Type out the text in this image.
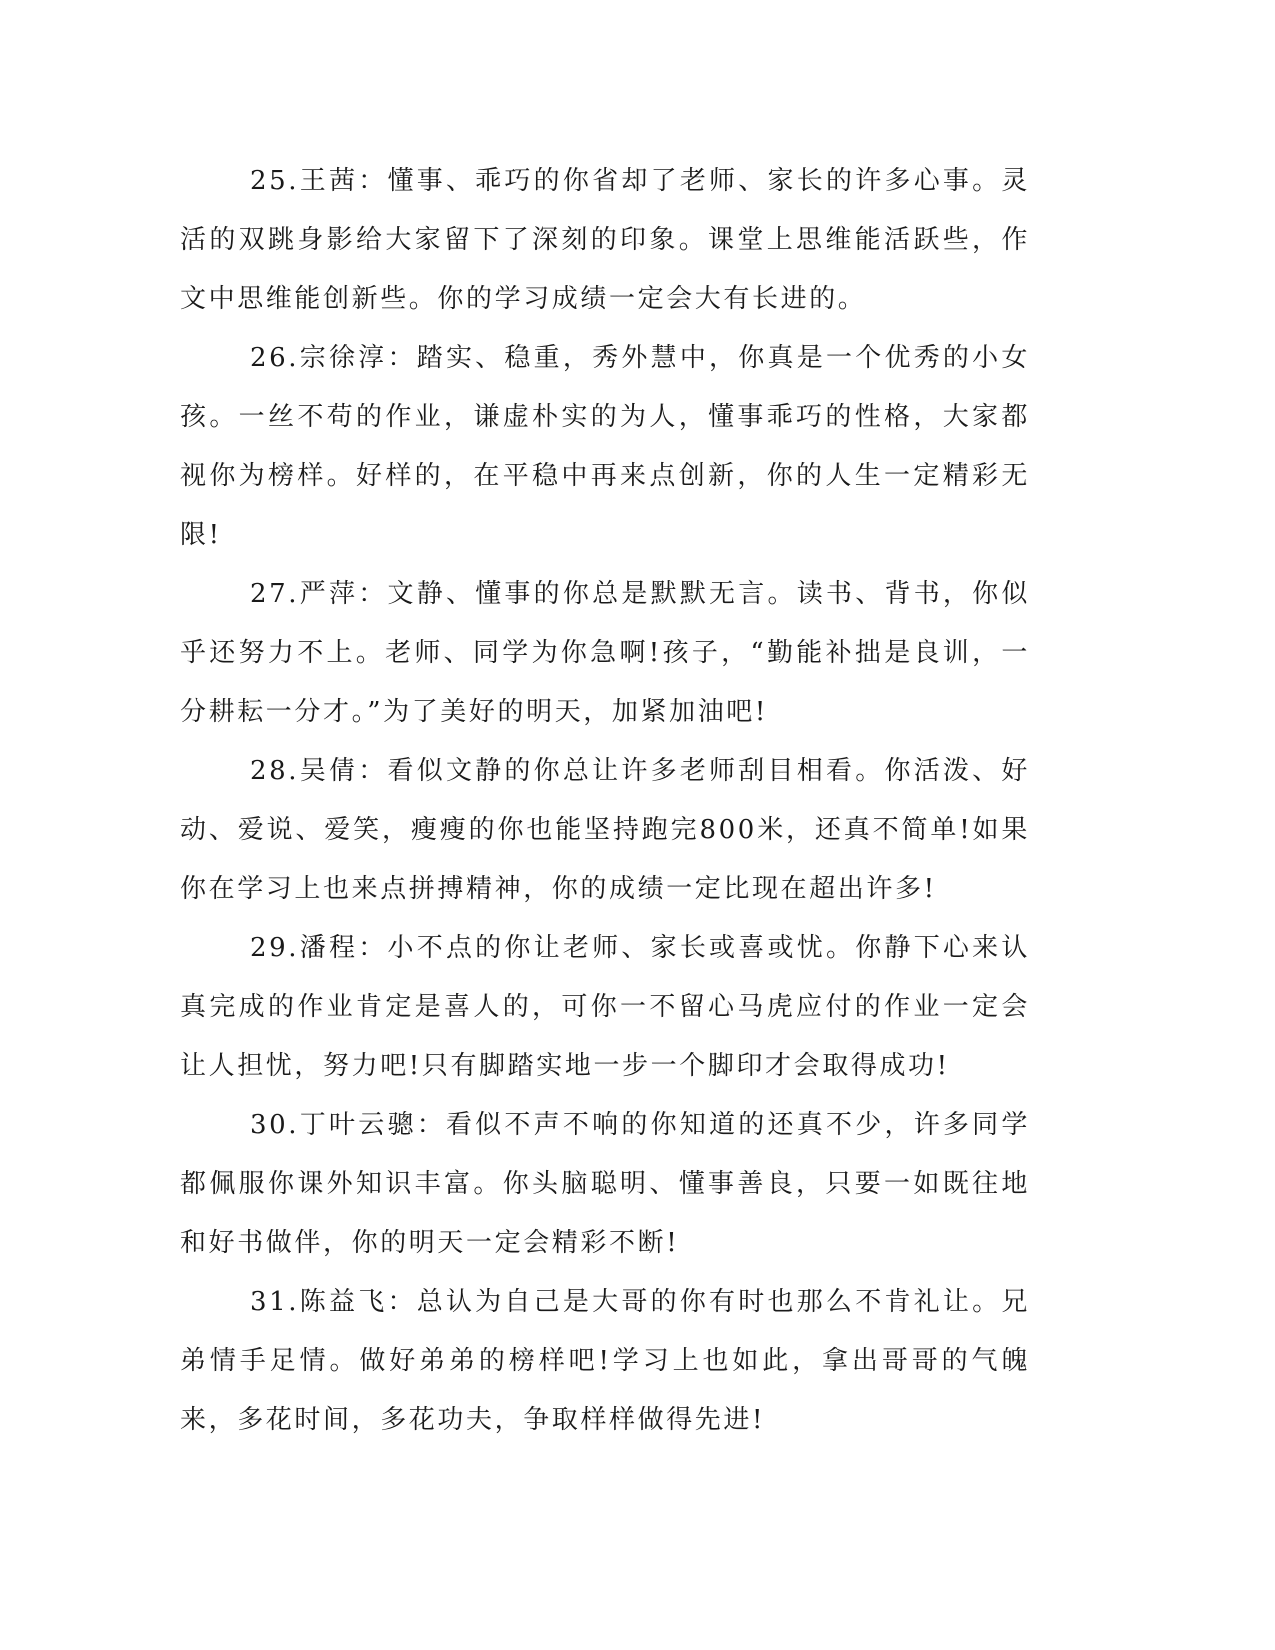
25.王茜：懂事、乖巧的你省却了老师、家长的许多心事。灵活的双跳身影给大家留下了深刻的印象。课堂上思维能活跃些，作文中思维能创新些。你的学习成绩一定会大有长进的。

26.宗徐淳：踏实、稳重，秀外慧中，你真是一个优秀的小女孩。一丝不苟的作业，谦虚朴实的为人，懂事乖巧的性格，大家都视你为榜样。好样的，在平稳中再来点创新，你的人生一定精彩无限!

27.严萍：文静、懂事的你总是默默无言。读书、背书，你似乎还努力不上。老师、同学为你急啊!孩子，“勤能补拙是良训，一分耕耘一分才。”为了美好的明天，加紧加油吧!

28.吴倩：看似文静的你总让许多老师刮目相看。你活泼、好动、爱说、爱笑，瘦瘦的你也能坚持跑完800米，还真不简单!如果你在学习上也来点拼搏精神，你的成绩一定比现在超出许多!

29.潘程：小不点的你让老师、家长或喜或忧。你静下心来认真完成的作业肯定是喜人的，可你一不留心马虎应付的作业一定会让人担忧，努力吧!只有脚踏实地一步一个脚印才会取得成功!

30.丁叶云骢：看似不声不响的你知道的还真不少，许多同学都佩服你课外知识丰富。你头脑聪明、懂事善良，只要一如既往地和好书做伴，你的明天一定会精彩不断!

31.陈益飞：总认为自己是大哥的你有时也那么不肯礼让。兄弟情手足情。做好弟弟的榜样吧!学习上也如此，拿出哥哥的气魄来，多花时间，多花功夫，争取样样做得先进!
